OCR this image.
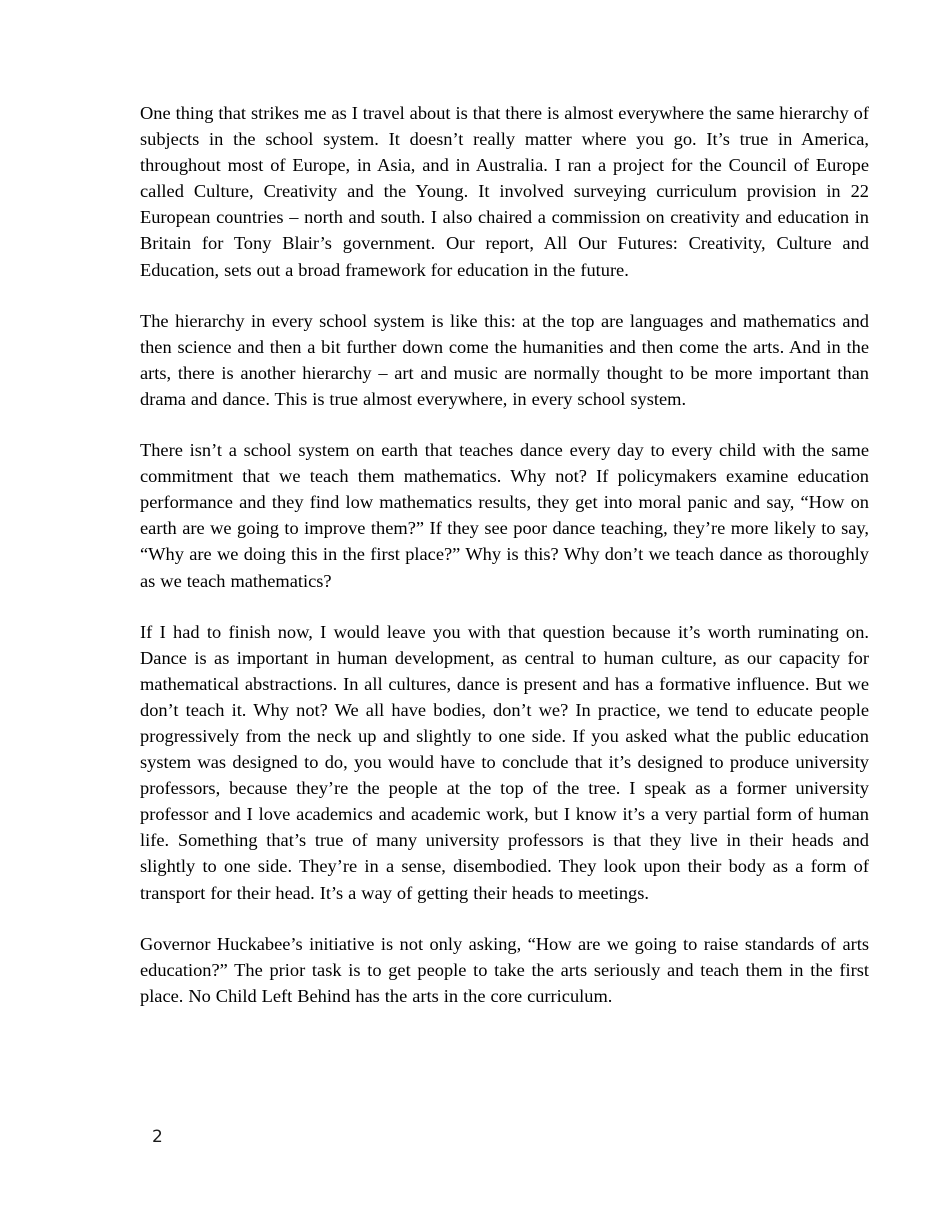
One thing that strikes me as I travel about is that there is almost everywhere the same hierarchy of subjects in the school system. It doesn’t really matter where you go. It’s true in America, throughout most of Europe, in Asia, and in Australia. I ran a project for the Council of Europe called Culture, Creativity and the Young. It involved surveying curriculum provision in 22 European countries – north and south. I also chaired a commission on creativity and education in Britain for Tony Blair’s government. Our report, All Our Futures: Creativity, Culture and Education, sets out a broad framework for education in the future.

The hierarchy in every school system is like this: at the top are languages and mathematics and then science and then a bit further down come the humanities and then come the arts. And in the arts, there is another hierarchy – art and music are normally thought to be more important than drama and dance. This is true almost everywhere, in every school system.

There isn’t a school system on earth that teaches dance every day to every child with the same commitment that we teach them mathematics. Why not? If policymakers examine education performance and they find low mathematics results, they get into moral panic and say, “How on earth are we going to improve them?” If they see poor dance teaching, they’re more likely to say, “Why are we doing this in the first place?” Why is this? Why don’t we teach dance as thoroughly as we teach mathematics?

If I had to finish now, I would leave you with that question because it’s worth ruminating on. Dance is as important in human development, as central to human culture, as our capacity for mathematical abstractions. In all cultures, dance is present and has a formative influence. But we don’t teach it. Why not? We all have bodies, don’t we? In practice, we tend to educate people progressively from the neck up and slightly to one side. If you asked what the public education system was designed to do, you would have to conclude that it’s designed to produce university professors, because they’re the people at the top of the tree. I speak as a former university professor and I love academics and academic work, but I know it’s a very partial form of human life. Something that’s true of many university professors is that they live in their heads and slightly to one side. They’re in a sense, disembodied. They look upon their body as a form of transport for their head. It’s a way of getting their heads to meetings.

Governor Huckabee’s initiative is not only asking, “How are we going to raise standards of arts education?” The prior task is to get people to take the arts seriously and teach them in the first place. No Child Left Behind has the arts in the core curriculum.

2
